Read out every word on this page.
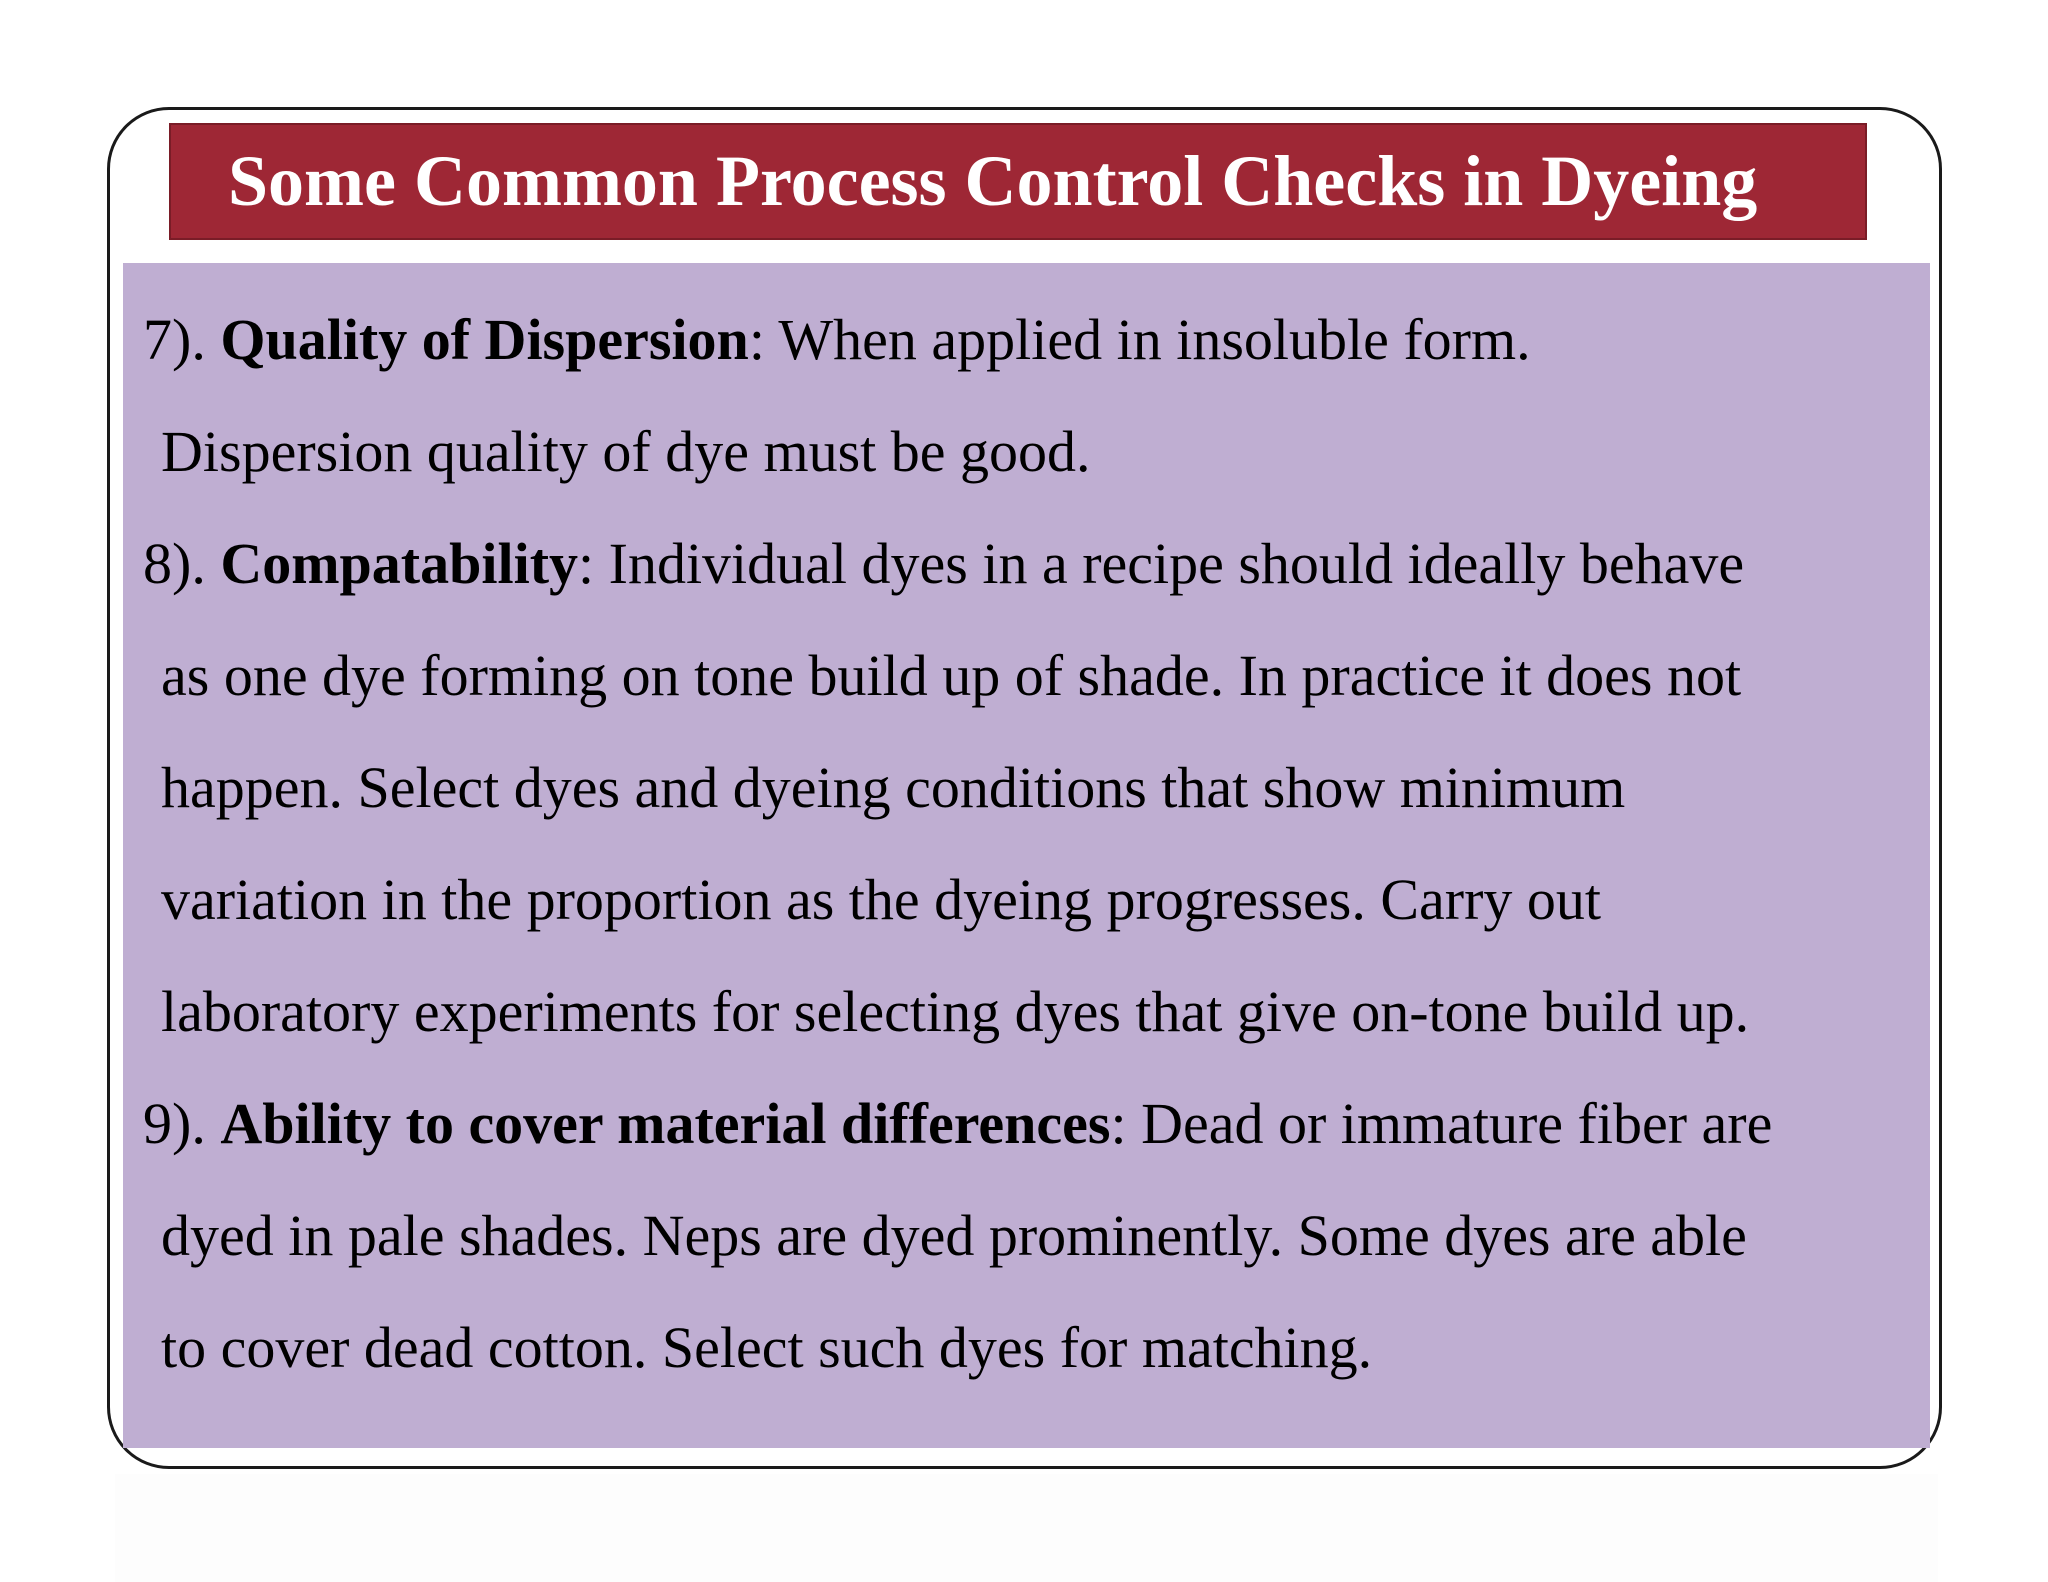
Some Common Process Control Checks in Dyeing

7). Quality of Dispersion: When applied in insoluble form.

Dispersion quality of dye must be good.

8). Compatability: Individual dyes in a recipe should ideally behave

as one dye forming on tone build up of shade. In practice it does not

happen. Select dyes and dyeing conditions that show minimum

variation in the proportion as the dyeing progresses. Carry out

laboratory experiments for selecting dyes that give on-tone build up.

9). Ability to cover material differences: Dead or immature fiber are

dyed in pale shades. Neps are dyed prominently. Some dyes are able

to cover dead cotton. Select such dyes for matching.
